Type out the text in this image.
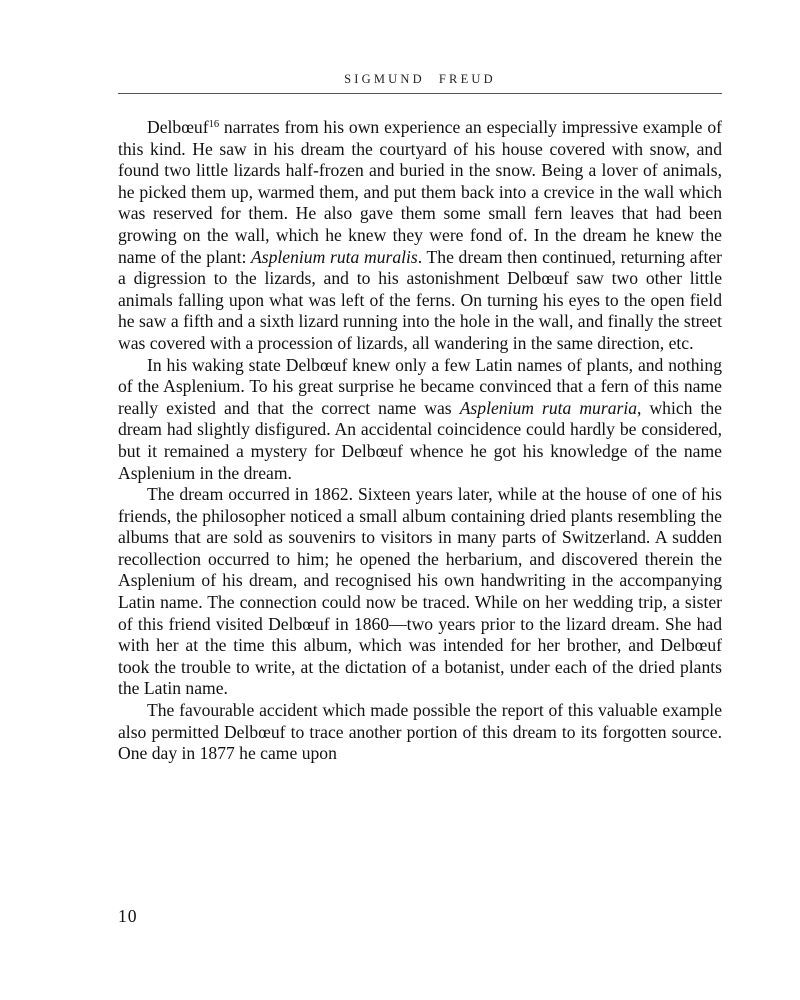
SIGMUND FREUD

Delbœuf$^{16}$ narrates from his own experience an especially impressive example of this kind. He saw in his dream the courtyard of his house covered with snow, and found two little lizards half-frozen and buried in the snow. Being a lover of animals, he picked them up, warmed them, and put them back into a crevice in the wall which was reserved for them. He also gave them some small fern leaves that had been growing on the wall, which he knew they were fond of. In the dream he knew the name of the plant: Asplenium ruta muralis. The dream then continued, returning after a digression to the lizards, and to his astonishment Delbœuf saw two other little animals falling upon what was left of the ferns. On turning his eyes to the open field he saw a fifth and a sixth lizard running into the hole in the wall, and finally the street was covered with a procession of lizards, all wandering in the same direction, etc.

In his waking state Delbœuf knew only a few Latin names of plants, and nothing of the Asplenium. To his great surprise he became convinced that a fern of this name really existed and that the correct name was Asplenium ruta muraria, which the dream had slightly disfigured. An accidental coincidence could hardly be considered, but it remained a mystery for Delbœuf whence he got his knowledge of the name Asplenium in the dream.

The dream occurred in 1862. Sixteen years later, while at the house of one of his friends, the philosopher noticed a small album containing dried plants resembling the albums that are sold as souvenirs to visitors in many parts of Switzerland. A sudden recollection occurred to him; he opened the herbarium, and discovered therein the Asplenium of his dream, and recognised his own handwriting in the accompanying Latin name. The connection could now be traced. While on her wedding trip, a sister of this friend visited Delbœuf in 1860—two years prior to the lizard dream. She had with her at the time this album, which was intended for her brother, and Delbœuf took the trouble to write, at the dictation of a botanist, under each of the dried plants the Latin name.

The favourable accident which made possible the report of this valuable example also permitted Delbœuf to trace another portion of this dream to its forgotten source. One day in 1877 he came upon

10
